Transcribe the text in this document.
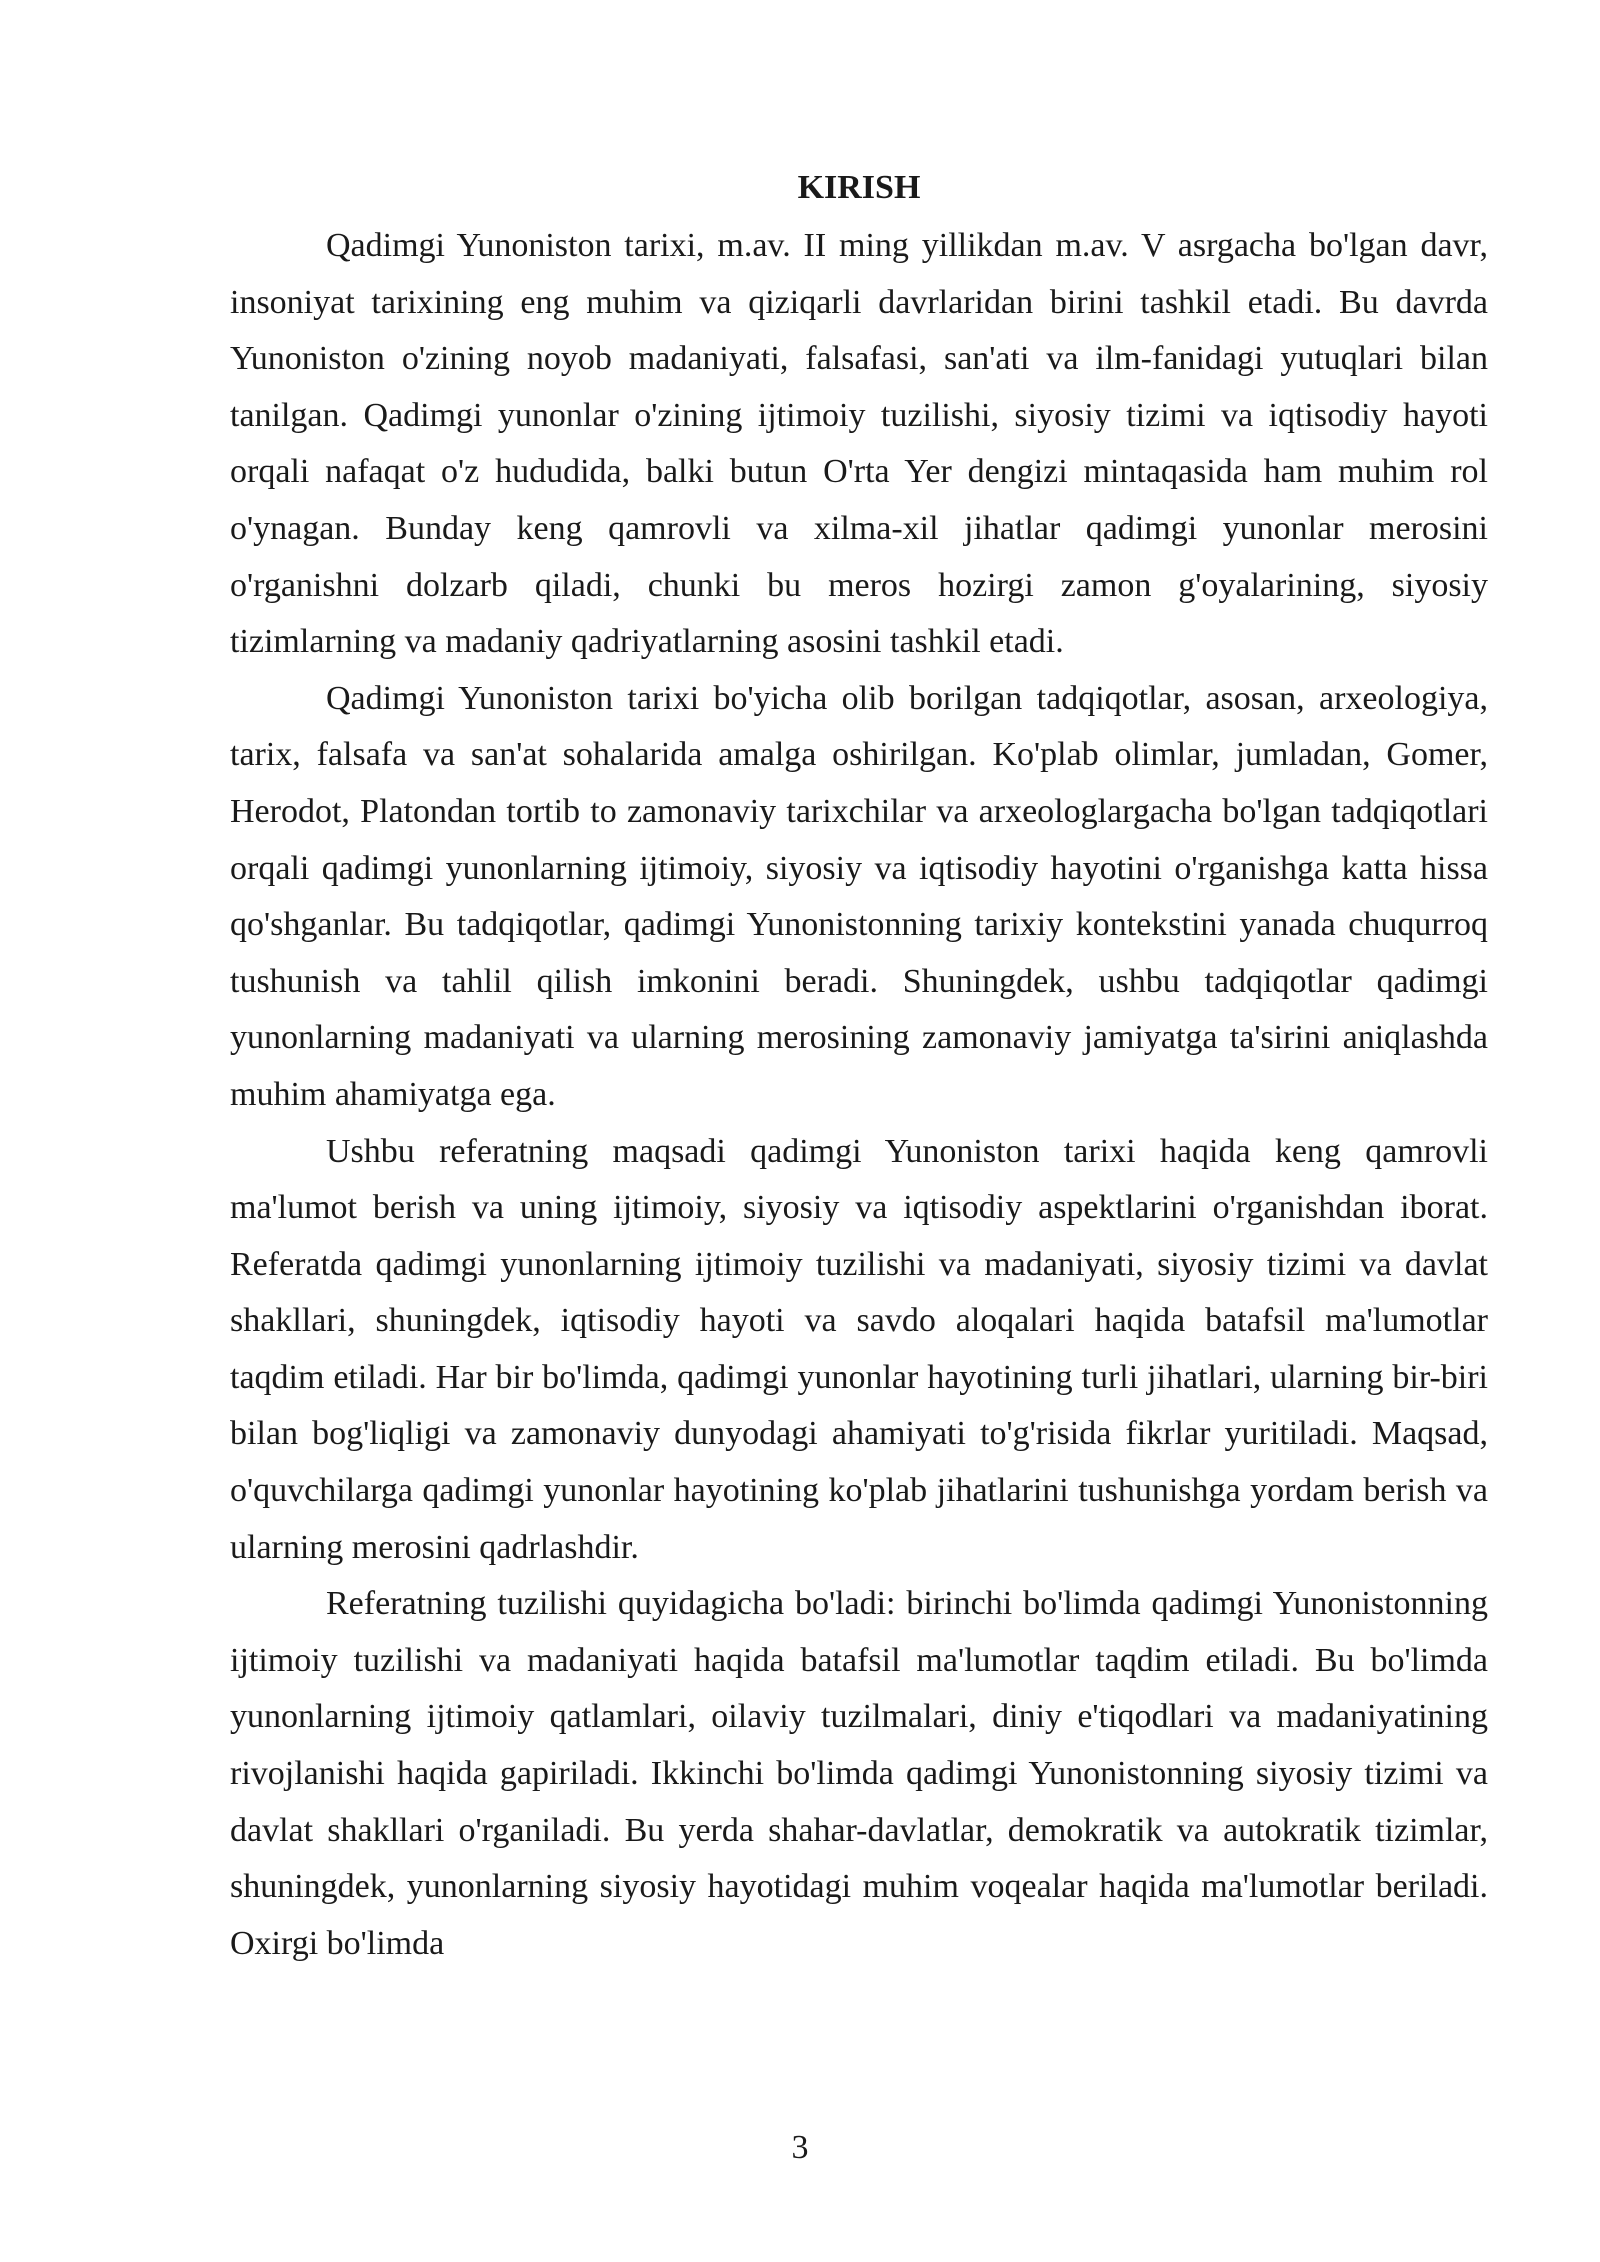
KIRISH

Qadimgi Yunoniston tarixi, m.av. II ming yillikdan m.av. V asrgacha bo'lgan davr, insoniyat tarixining eng muhim va qiziqarli davrlaridan birini tashkil etadi. Bu davrda Yunoniston o'zining noyob madaniyati, falsafasi, san'ati va ilm-fanidagi yutuqlari bilan tanilgan. Qadimgi yunonlar o'zining ijtimoiy tuzilishi, siyosiy tizimi va iqtisodiy hayoti orqali nafaqat o'z hududida, balki butun O'rta Yer dengizi mintaqasida ham muhim rol o'ynagan. Bunday keng qamrovli va xilma-xil jihatlar qadimgi yunonlar merosini o'rganishni dolzarb qiladi, chunki bu meros hozirgi zamon g'oyalarining, siyosiy tizimlarning va madaniy qadriyatlarning asosini tashkil etadi.

Qadimgi Yunoniston tarixi bo'yicha olib borilgan tadqiqotlar, asosan, arxeologiya, tarix, falsafa va san'at sohalarida amalga oshirilgan. Ko'plab olimlar, jumladan, Gomer, Herodot, Platondan tortib to zamonaviy tarixchilar va arxeologlargacha bo'lgan tadqiqotlari orqali qadimgi yunonlarning ijtimoiy, siyosiy va iqtisodiy hayotini o'rganishga katta hissa qo'shganlar. Bu tadqiqotlar, qadimgi Yunonistonning tarixiy kontekstini yanada chuqurroq tushunish va tahlil qilish imkonini beradi. Shuningdek, ushbu tadqiqotlar qadimgi yunonlarning madaniyati va ularning merosining zamonaviy jamiyatga ta'sirini aniqlashda muhim ahamiyatga ega.

Ushbu referatning maqsadi qadimgi Yunoniston tarixi haqida keng qamrovli ma'lumot berish va uning ijtimoiy, siyosiy va iqtisodiy aspektlarini o'rganishdan iborat. Referatda qadimgi yunonlarning ijtimoiy tuzilishi va madaniyati, siyosiy tizimi va davlat shakllari, shuningdek, iqtisodiy hayoti va savdo aloqalari haqida batafsil ma'lumotlar taqdim etiladi. Har bir bo'limda, qadimgi yunonlar hayotining turli jihatlari, ularning bir-biri bilan bog'liqligi va zamonaviy dunyodagi ahamiyati to'g'risida fikrlar yuritiladi. Maqsad, o'quvchilarga qadimgi yunonlar hayotining ko'plab jihatlarini tushunishga yordam berish va ularning merosini qadrlashdir.

Referatning tuzilishi quyidagicha bo'ladi: birinchi bo'limda qadimgi Yunonistonning ijtimoiy tuzilishi va madaniyati haqida batafsil ma'lumotlar taqdim etiladi. Bu bo'limda yunonlarning ijtimoiy qatlamlari, oilaviy tuzilmalari, diniy e'tiqodlari va madaniyatining rivojlanishi haqida gapiriladi. Ikkinchi bo'limda qadimgi Yunonistonning siyosiy tizimi va davlat shakllari o'rganiladi. Bu yerda shahar-davlatlar, demokratik va autokratik tizimlar, shuningdek, yunonlarning siyosiy hayotidagi muhim voqealar haqida ma'lumotlar beriladi. Oxirgi bo'limda

3
